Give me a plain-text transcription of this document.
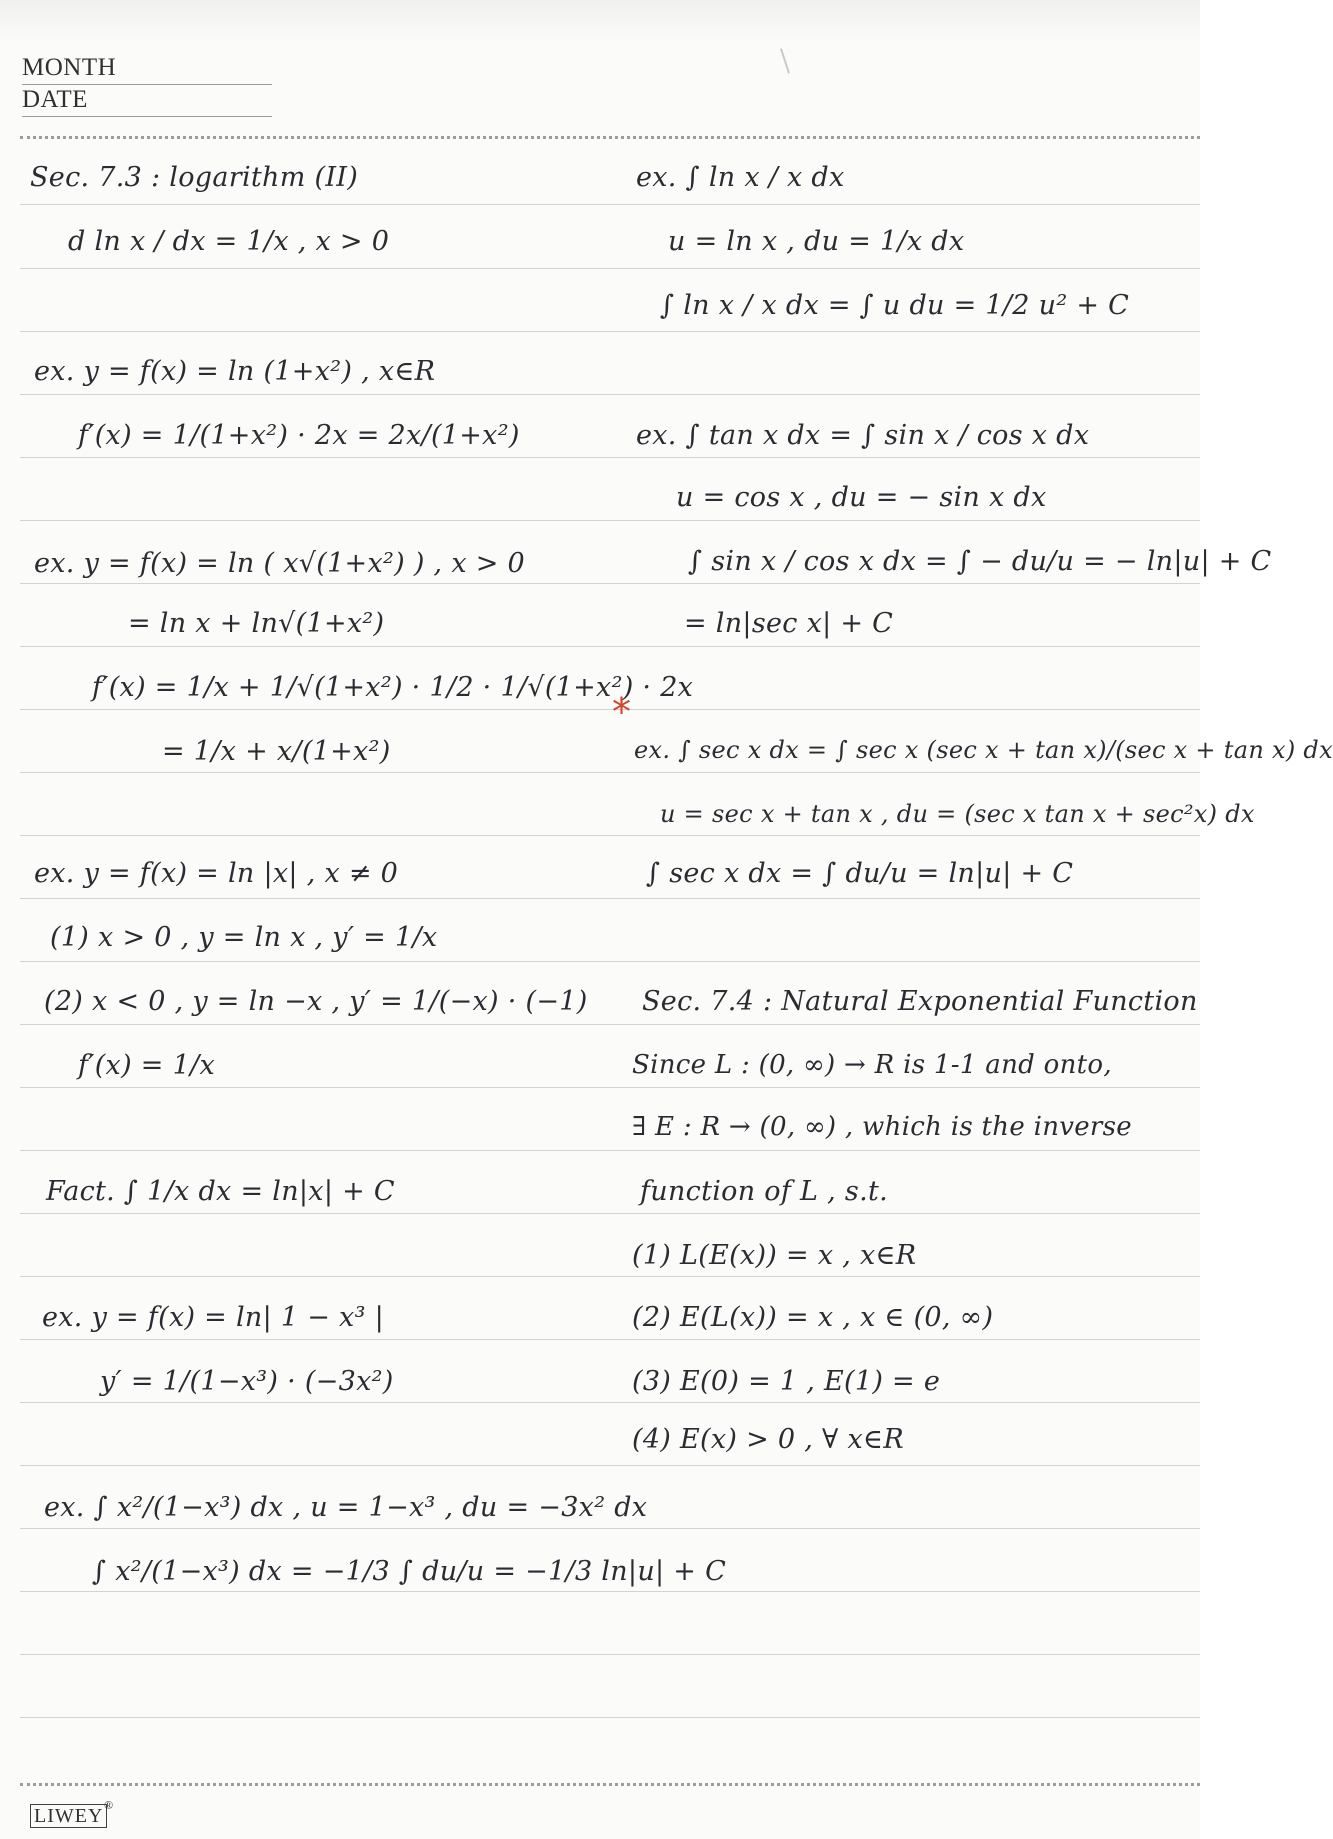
MONTH
DATE
Sec. 7.3 : logarithm (II)
d ln x / dx = 1/x , x > 0
ex. y = f(x) = ln (1+x²) , x∈R
f′(x) = 1/(1+x²) · 2x = 2x/(1+x²)
ex. y = f(x) = ln ( x√(1+x²) ) , x > 0
= ln x + ln√(1+x²)
f′(x) = 1/x + 1/√(1+x²) · 1/2 · 1/√(1+x²) · 2x
= 1/x + x/(1+x²)
ex. y = f(x) = ln |x| , x ≠ 0
(1) x > 0 , y = ln x , y′ = 1/x
(2) x < 0 , y = ln −x , y′ = 1/(−x) · (−1)
f′(x) = 1/x
Fact. ∫ 1/x dx = ln|x| + C
ex. y = f(x) = ln| 1 − x³ |
y′ = 1/(1−x³) · (−3x²)
ex. ∫ x²/(1−x³) dx , u = 1−x³ , du = −3x² dx
∫ x²/(1−x³) dx = −1/3 ∫ du/u = −1/3 ln|u| + C
ex. ∫ ln x / x dx
u = ln x , du = 1/x dx
∫ ln x / x dx = ∫ u du = 1/2 u² + C
ex. ∫ tan x dx = ∫ sin x / cos x dx
u = cos x , du = − sin x dx
∫ sin x / cos x dx = ∫ − du/u = − ln|u| + C
= ln|sec x| + C
*
ex. ∫ sec x dx = ∫ sec x (sec x + tan x)/(sec x + tan x) dx
u = sec x + tan x , du = (sec x tan x + sec²x) dx
∫ sec x dx = ∫ du/u = ln|u| + C
Sec. 7.4 : Natural Exponential Function
Since L : (0, ∞) → R is 1-1 and onto,
∃ E : R → (0, ∞) , which is the inverse
function of L , s.t.
(1) L(E(x)) = x , x∈R
(2) E(L(x)) = x , x ∈ (0, ∞)
(3) E(0) = 1 , E(1) = e
(4) E(x) > 0 , ∀ x∈R
LIWEY ®
